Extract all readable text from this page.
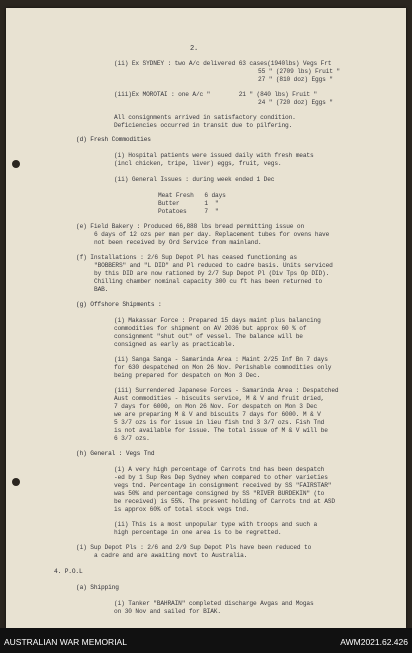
2.
(ii) Ex SYDNEY : two A/c delivered 63 cases(1940lbs) Vegs Frt
55 " (2709 lbs) Fruit "
27 " (810 doz) Eggs "
(iii)Ex MOROTAI : one A/c "        21 " (840 lbs) Fruit "
24 " (720 doz) Eggs "
All consignments arrived in satisfactory condition.
Deficiencies occurred in transit due to pilfering.
(d) Fresh Commodities
(i) Hospital patients were issued daily with fresh meats
(incl chicken, tripe, liver) eggs, fruit, vegs.
(ii) General Issues : during week ended 1 Dec
Meat Fresh   6 days
Butter       1  "
Potatoes     7  "
(e) Field Bakery : Produced 66,888 lbs bread permitting issue on
6 days of 12 ozs per man per day. Replacement tubes for ovens have
not been received by Ord Service from mainland.
(f) Installations : 2/6 Sup Depot Pl has ceased functioning as
"BOBBERS" and "L DID" and Pl reduced to cadre basis. Units serviced
by this DID are now rationed by 2/7 Sup Depot Pl (Div Tps Op DID).
Chilling chamber nominal capacity 300 cu ft has been returned to
BAB.
(g) Offshore Shipments :
(i) Makassar Force : Prepared 15 days maint plus balancing
commodities for shipment on AV 2036 but approx 60 % of
consignment "shut out" of vessel. The balance will be
consigned as early as practicable.
(ii) Sanga Sanga - Samarinda Area : Maint 2/25 Inf Bn 7 days
for 630 despatched on Mon 26 Nov. Perishable commodities only
being prepared for despatch on Mon 3 Dec.
(iii) Surrendered Japanese Forces - Samarinda Area : Despatched
Aust commodities - biscuits service, M & V and fruit dried,
7 days for 6000, on Mon 26 Nov. For despatch on Mon 3 Dec
we are preparing M & V and biscuits 7 days for 6000. M & V
5 3/7 ozs is for issue in lieu fish tnd 3 3/7 ozs. Fish Tnd
is not available for issue. The total issue of M & V will be
6 3/7 ozs.
(h) General : Vegs Tnd
(i) A very high percentage of Carrots tnd has been despatch
-ed by 1 Sup Res Dep Sydney when compared to other varieties
vegs tnd. Percentage in consignment received by SS "FAIRSTAR"
was 50% and percentage consigned by SS "RIVER BURDEKIN" (to
be received) is 55%. The present holding of Carrots tnd at ASD
is approx 60% of total stock vegs tnd.
(ii) This is a most unpopular type with troops and such a
high percentage in one area is to be regretted.
(i) Sup Depot Pls : 2/6 and 2/9 Sup Depot Pls have been reduced to
a cadre and are awaiting movt to Australia.
4. P.O.L
(a) Shipping
(i) Tanker "BAHRAIN" completed discharge Avgas and Mogas
on 30 Nov and sailed for BIAK.
AUSTRALIAN WAR MEMORIAL	AWM2021.62.426
